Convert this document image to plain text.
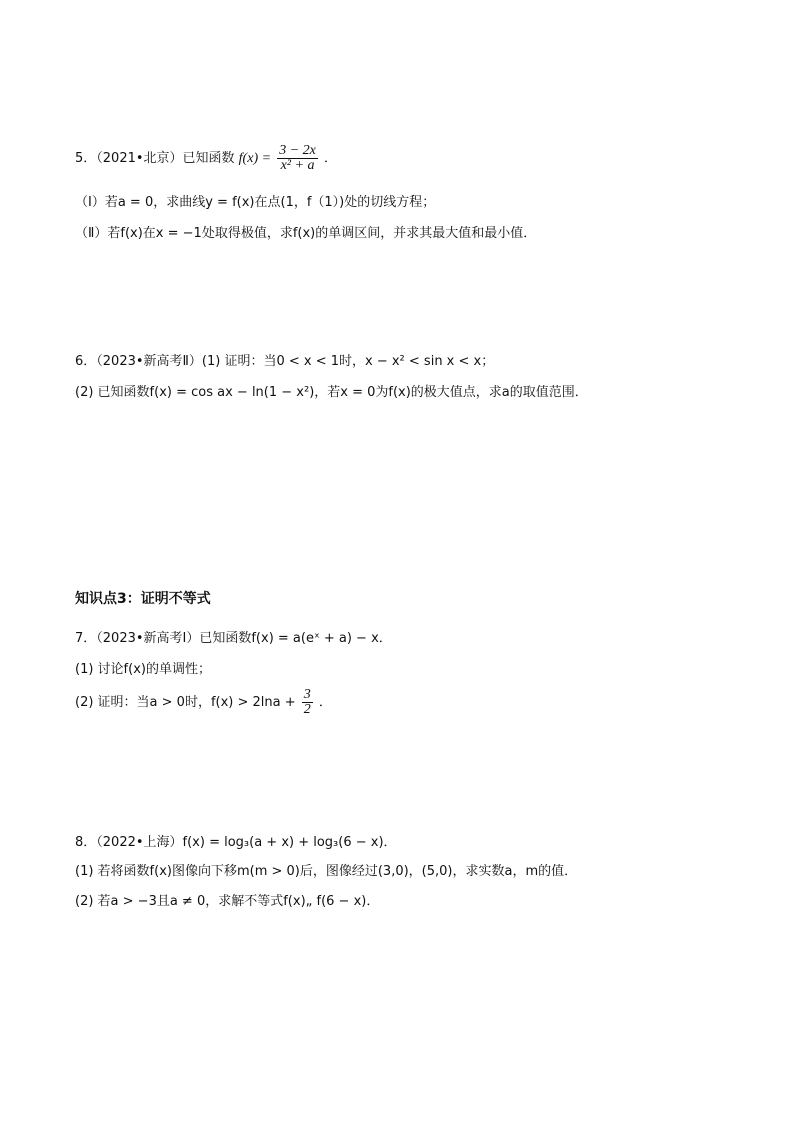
5．（2021•北京）已知函数 $f(x) = \frac{3 - 2x}{\text{x² + a}}$ ．
（Ⅰ）若a = 0，求曲线y = f(x)在点(1，f（1）)处的切线方程；
（Ⅱ）若f(x)在x = −1处取得极值，求f(x)的单调区间，并求其最大值和最小值．
6．（2023•新高考Ⅱ）(1) 证明：当0 < x < 1时，x − x² < sin x < x；
(2) 已知函数f(x) = cos ax − ln(1 − x²)，若x = 0为f(x)的极大值点，求a的取值范围．
知识点3：证明不等式
7．（2023•新高考Ⅰ）已知函数f(x) = a(eˣ + a) − x．
(1) 讨论f(x)的单调性；
(2) 证明：当a > 0时，$f(x) > 2\ln a + \frac{3}{2}$ ．
8．（2022•上海）f(x) = log₃(a + x) + log₃(6 − x)．
(1) 若将函数f(x)图像向下移m(m > 0)后，图像经过(3,0)，(5,0)，求实数a，m的值．
(2) 若a > −3且a ≠ 0，求解不等式f(x)„ f(6 − x)．
